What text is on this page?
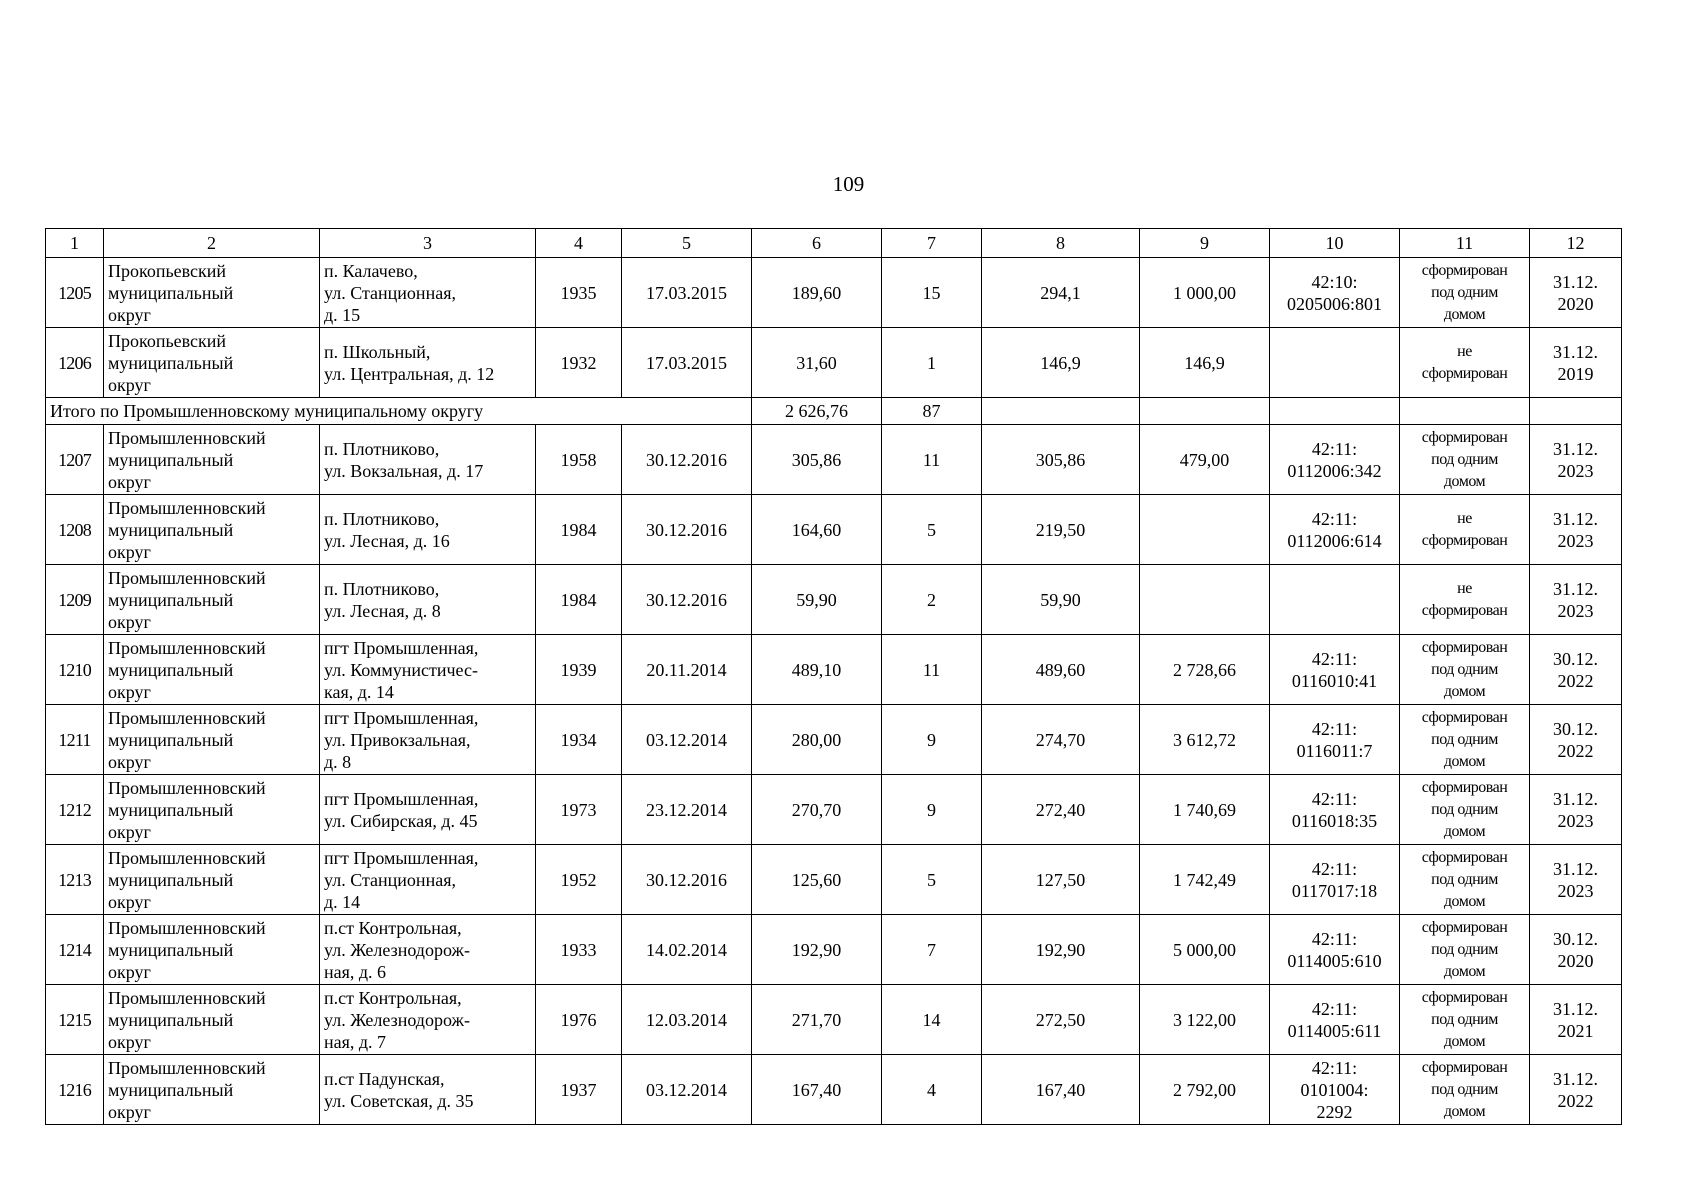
109
1	2	3	4	5	6	7	8	9	10	11	12
1205	Прокопьевский
муниципальный
округ	п. Калачево,
ул. Станционная,
д. 15	1935	17.03.2015	189,60	15	294,1	1 000,00	42:10:
0205006:801	сформирован
под одним
домом	31.12.
2020
1206	Прокопьевский
муниципальный
округ	п. Школьный,
ул. Центральная, д. 12	1932	17.03.2015	31,60	1	146,9	146,9		не
сформирован	31.12.
2019
Итого по Промышленновскому муниципальному округу					2 626,76	87					
1207	Промышленновский
муниципальный
округ	п. Плотниково,
ул. Вокзальная, д. 17	1958	30.12.2016	305,86	11	305,86	479,00	42:11:
0112006:342	сформирован
под одним
домом	31.12.
2023
1208	Промышленновский
муниципальный
округ	п. Плотниково,
ул. Лесная, д. 16	1984	30.12.2016	164,60	5	219,50		42:11:
0112006:614	не
сформирован	31.12.
2023
1209	Промышленновский
муниципальный
округ	п. Плотниково,
ул. Лесная, д. 8	1984	30.12.2016	59,90	2	59,90			не
сформирован	31.12.
2023
1210	Промышленновский
муниципальный
округ	пгт Промышленная,
ул. Коммунистичес-
кая, д. 14	1939	20.11.2014	489,10	11	489,60	2 728,66	42:11:
0116010:41	сформирован
под одним
домом	30.12.
2022
1211	Промышленновский
муниципальный
округ	пгт Промышленная,
ул. Привокзальная,
д. 8	1934	03.12.2014	280,00	9	274,70	3 612,72	42:11:
0116011:7	сформирован
под одним
домом	30.12.
2022
1212	Промышленновский
муниципальный
округ	пгт Промышленная,
ул. Сибирская, д. 45	1973	23.12.2014	270,70	9	272,40	1 740,69	42:11:
0116018:35	сформирован
под одним
домом	31.12.
2023
1213	Промышленновский
муниципальный
округ	пгт Промышленная,
ул. Станционная,
д. 14	1952	30.12.2016	125,60	5	127,50	1 742,49	42:11:
0117017:18	сформирован
под одним
домом	31.12.
2023
1214	Промышленновский
муниципальный
округ	п.ст Контрольная,
ул. Железнодорож-
ная, д. 6	1933	14.02.2014	192,90	7	192,90	5 000,00	42:11:
0114005:610	сформирован
под одним
домом	30.12.
2020
1215	Промышленновский
муниципальный
округ	п.ст Контрольная,
ул. Железнодорож-
ная, д. 7	1976	12.03.2014	271,70	14	272,50	3 122,00	42:11:
0114005:611	сформирован
под одним
домом	31.12.
2021
1216	Промышленновский
муниципальный
округ	п.ст Падунская,
ул. Советская, д. 35	1937	03.12.2014	167,40	4	167,40	2 792,00	42:11:
0101004:
2292	сформирован
под одним
домом	31.12.
2022
